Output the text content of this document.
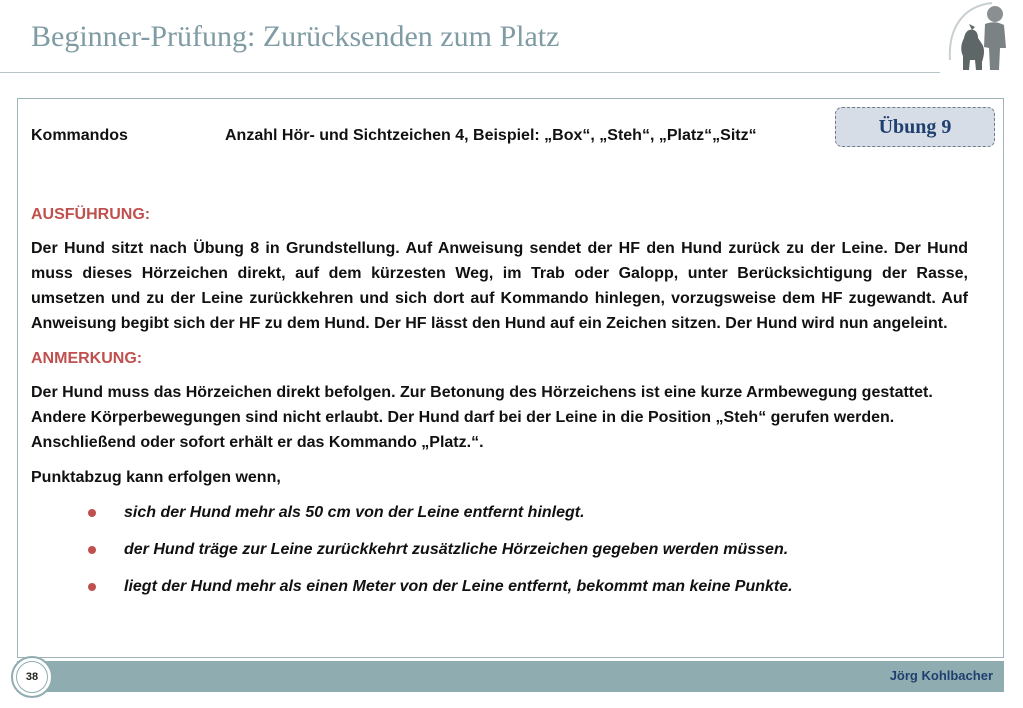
Beginner-Prüfung: Zurücksenden zum Platz
Übung 9
Kommandos	Anzahl Hör- und Sichtzeichen 4, Beispiel: „Box“, „Steh“, „Platz“„Sitz“
AUSFÜHRUNG:
Der Hund sitzt nach Übung 8 in Grundstellung. Auf Anweisung sendet der HF den Hund zurück zu der Leine. Der Hund muss dieses Hörzeichen direkt, auf dem kürzesten Weg, im Trab oder Galopp, unter Berücksichtigung der Rasse, umsetzen und zu der Leine zurückkehren und sich dort auf Kommando hinlegen, vorzugsweise dem HF zugewandt. Auf Anweisung begibt sich der HF zu dem Hund. Der HF lässt den Hund auf ein Zeichen sitzen. Der Hund wird nun angeleint.
ANMERKUNG:
Der Hund muss das Hörzeichen direkt befolgen. Zur Betonung des Hörzeichens ist eine kurze Armbewegung gestattet. Andere Körperbewegungen sind nicht erlaubt. Der Hund darf bei der Leine in die Position „Steh“ gerufen werden. Anschließend oder sofort erhält er das Kommando „Platz.“.
Punktabzug kann erfolgen wenn,
sich der Hund mehr als 50 cm von der Leine entfernt hinlegt.
der Hund träge zur Leine zurückkehrt zusätzliche Hörzeichen gegeben werden müssen.
liegt der Hund mehr als einen Meter von der Leine entfernt, bekommt man keine Punkte.
Jörg Kohlbacher
38
